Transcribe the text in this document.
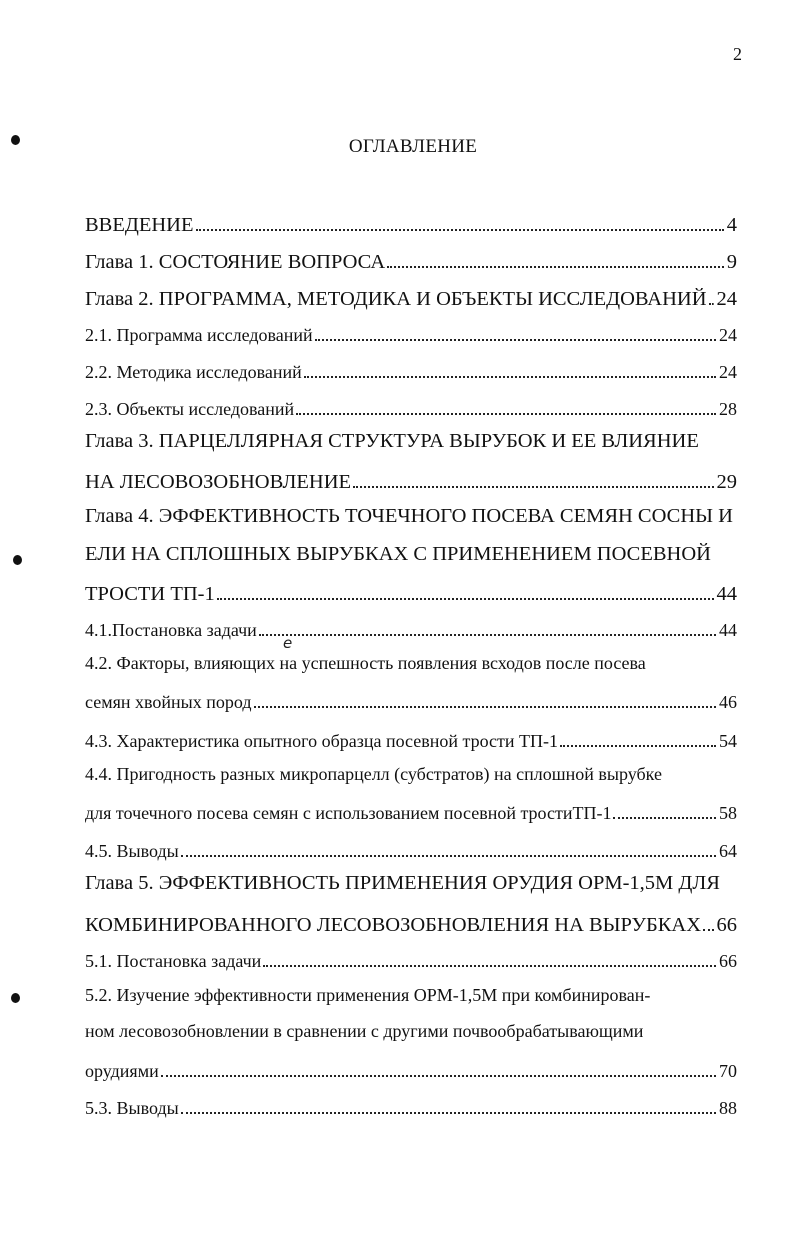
2
ОГЛАВЛЕНИЕ
е
ВВЕДЕНИЕ	4
Глава 1. СОСТОЯНИЕ ВОПРОСА	9
Глава 2. ПРОГРАММА, МЕТОДИКА И ОБЪЕКТЫ ИССЛЕДОВАНИЙ 24
2.1. Программа исследований	24
2.2. Методика исследований	24
2.3. Объекты исследований	28
Глава 3. ПАРЦЕЛЛЯРНАЯ СТРУКТУРА ВЫРУБОК И ЕЕ ВЛИЯНИЕ
НА ЛЕСОВОЗОБНОВЛЕНИЕ	29
Глава 4. ЭФФЕКТИВНОСТЬ ТОЧЕЧНОГО ПОСЕВА СЕМЯН СОСНЫ И
ЕЛИ НА СПЛОШНЫХ ВЫРУБКАХ С ПРИМЕНЕНИЕМ ПОСЕВНОЙ
ТРОСТИ ТП-1	44
4.1.Постановка задачи	44
4.2. Факторы, влияющих на успешность появления всходов после посева
семян хвойных пород	46
4.3. Характеристика опытного образца посевной трости ТП-1	54
4.4. Пригодность разных микропарцелл (субстратов) на сплошной вырубке
для точечного посева семян с использованием посевной тростиТП-1	58
4.5. Выводы	64
Глава 5. ЭФФЕКТИВНОСТЬ ПРИМЕНЕНИЯ ОРУДИЯ ОРМ-1,5М ДЛЯ
КОМБИНИРОВАННОГО ЛЕСОВОЗОБНОВЛЕНИЯ НА ВЫРУБКАХ 66
5.1. Постановка задачи	66
5.2. Изучение эффективности применения ОРМ-1,5М при комбинирован-
ном лесовозобновлении в сравнении с другими почвообрабатывающими
орудиями	70
5.3. Выводы	88
